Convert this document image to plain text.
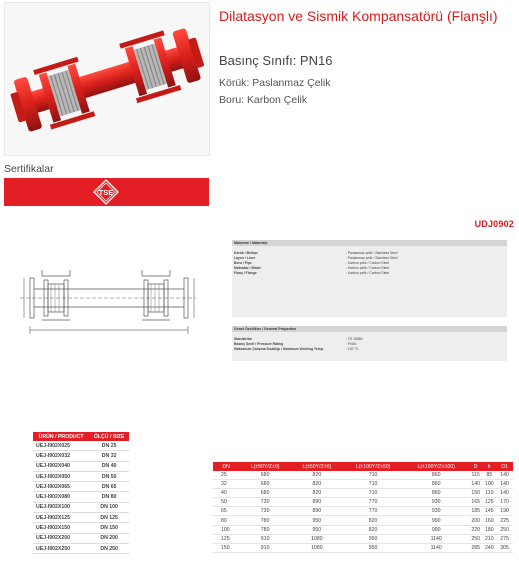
Dilatasyon ve Sismik Kompansatörü (Flanşlı)
Basınç Sınıfı: PN16
Körük: Paslanmaz Çelik
Boru: Karbon Çelik
Sertifikalar
TSE
UDJ0902
Malzeme / Materials
Körük / Bellow	: Paslanmaz çelik / Stainless Steel
Laynır / Liner	: Paslanmaz çelik / Stainless Steel
Boru / Pipe	: Karbon çelik / Carbon Steel
Mafsallar / Blade	: Karbon çelik / Carbon Steel
Flanş / Flange	: Karbon çelik / Carbon Steel
Genel Özellikler / General Properties
Standartlar	: TS 10880
Basınç Sınıfı / Pressure Rating	: PN16
Maksimum Çalışma Sıcaklığı / Maximum Working Temp.	: 120 °C
ÜRÜN / PRODUCT	ÖLÇÜ / SIZE
UEJ-I902X025	DN 25
UEJ-I902X032	DN 32
UEJ-I902X040	DN 40
UEJ-I902X050	DN 50
UEJ-I902X065	DN 65
UEJ-I902X080	DN 80
UEJ-I902X100	DN 100
UEJ-I902X125	DN 125
UEJ-I902X150	DN 150
UEJ-I902X200	DN 200
UEJ-I902X250	DN 250
DN	L(±50Y/Z±0)	L(±50Y/Z±0)	L(±100Y/Z±50)	L(±100Y/Z±100)	D	k	D1
25	680	820	710	860	115	85	140
32	680	820	710	860	140	100	140
40	680	820	710	860	150	110	140
50	730	890	770	930	165	125	170
65	730	890	770	930	185	145	190
80	780	950	820	990	200	160	225
100	780	950	820	990	220	180	250
125	910	1080	950	1140	250	210	275
150	910	1080	950	1140	285	240	305
